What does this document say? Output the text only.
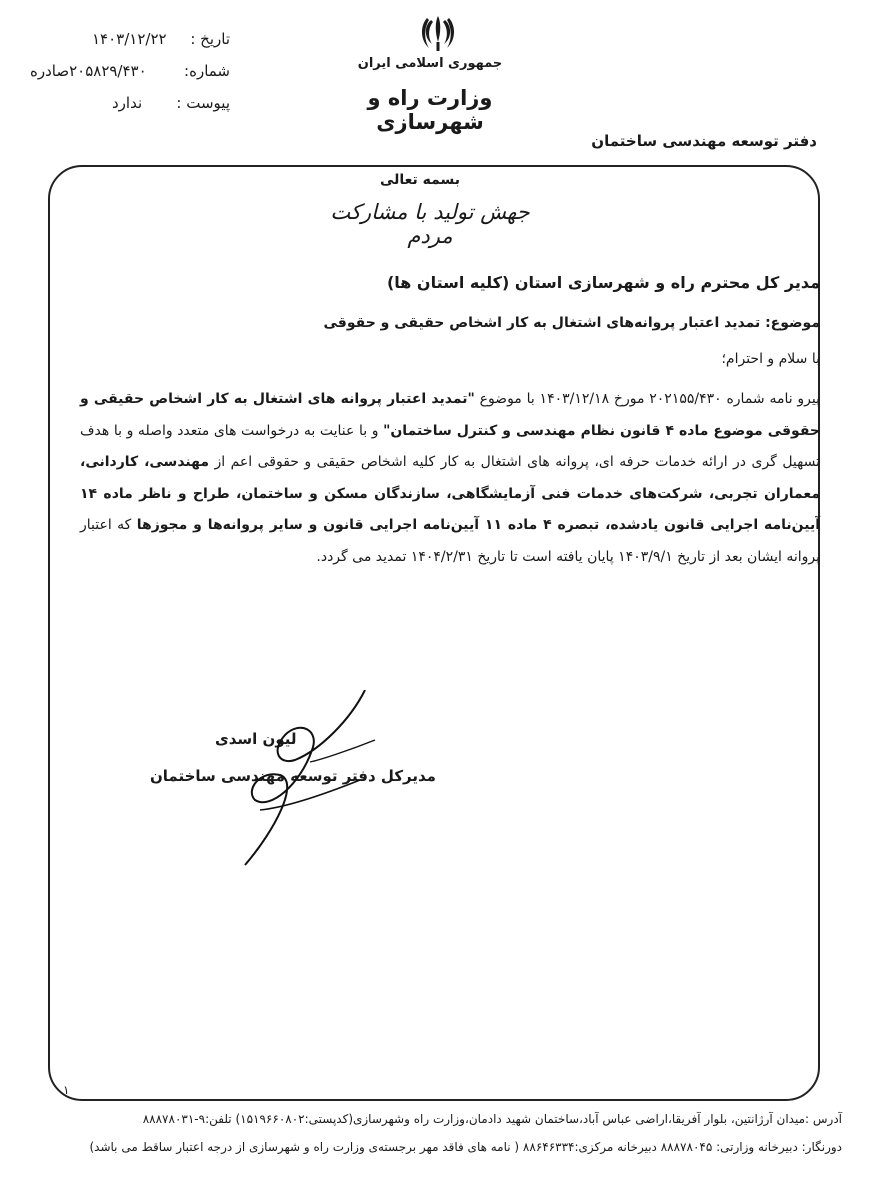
تاریخ :
۱۴۰۳/۱۲/۲۲
شماره:
۲۰۵۸۲۹/۴۳۰صادره
پیوست :
ندارد
جمهوری اسلامی ایران
وزارت راه و شهرسازی
دفتر توسعه مهندسی ساختمان
بسمه تعالی
جهش تولید با مشارکت مردم
مدیر کل محترم راه و شهرسازی استان (کلیه استان ها)
موضوع: تمدید اعتبار پروانه‌های اشتغال به کار اشخاص حقیقی و حقوقی
با سلام و احترام؛
پیرو نامه شماره ۲۰۲۱۵۵/۴۳۰ مورخ ۱۴۰۳/۱۲/۱۸ با موضوع "تمدید اعتبار پروانه های اشتغال به کار اشخاص حقیقی و حقوقی موضوع ماده ۴ قانون نظام مهندسی و کنترل ساختمان" و با عنایت به درخواست های متعدد واصله و با هدف تسهیل گری در ارائه خدمات حرفه ای، پروانه های اشتغال به کار کلیه اشخاص حقیقی و حقوقی اعم از مهندسی، کاردانی، معماران تجربی، شرکت‌های خدمات فنی آزمایشگاهی، سازندگان مسکن و ساختمان، طراح و ناظر ماده ۱۴ آیین‌نامه اجرایی قانون یادشده، تبصره ۴ ماده ۱۱ آیین‌نامه اجرایی قانون و سایر پروانه‌ها و مجوزها که اعتبار پروانه ایشان بعد از تاریخ ۱۴۰۳/۹/۱ پایان یافته است تا تاریخ ۱۴۰۴/۲/۳۱ تمدید می گردد.
لیون اسدی
مدیرکل دفتر توسعه مهندسی ساختمان
۱
آدرس :میدان آرژانتین، بلوار آفریقا،اراضی عباس آباد،ساختمان شهید دادمان،وزارت راه وشهرسازی(کدپستی:۱۵۱۹۶۶۰۸۰۲) تلفن:۹-۸۸۸۷۸۰۳۱
دورنگار: دبیرخانه وزارتی: ۸۸۸۷۸۰۴۵ دبیرخانه مرکزی:۸۸۶۴۶۳۳۴ ( نامه های فاقد مهر برجسته‌ی وزارت راه و شهرسازی از درجه اعتبار ساقط می باشد)
